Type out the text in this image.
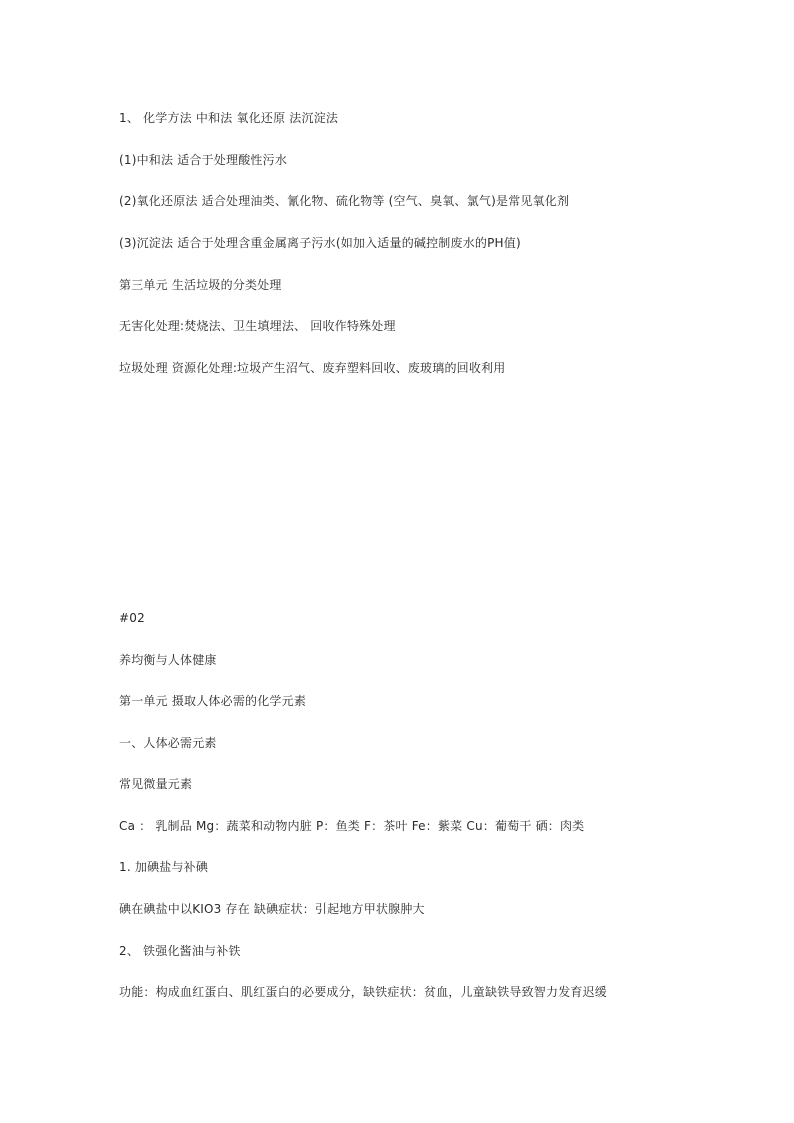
1、 化学方法 中和法 氧化还原 法沉淀法
(1)中和法 适合于处理酸性污水
(2)氧化还原法 适合处理油类、氰化物、硫化物等 (空气、臭氧、氯气)是常见氧化剂
(3)沉淀法 适合于处理含重金属离子污水(如加入适量的碱控制废水的PH值)
第三单元 生活垃圾的分类处理
无害化处理:焚烧法、卫生填埋法、 回收作特殊处理
垃圾处理 资源化处理:垃圾产生沼气、废弃塑料回收、废玻璃的回收利用
#02
养均衡与人体健康
第一单元 摄取人体必需的化学元素
一、人体必需元素
常见微量元素
Ca ： 乳制品 Mg：蔬菜和动物内脏 P：鱼类 F：茶叶 Fe：紫菜 Cu：葡萄干 硒：肉类
1. 加碘盐与补碘
碘在碘盐中以KIO3 存在 缺碘症状：引起地方甲状腺肿大
2、 铁强化酱油与补铁
功能：构成血红蛋白、肌红蛋白的必要成分，缺铁症状：贫血，儿童缺铁导致智力发育迟缓
